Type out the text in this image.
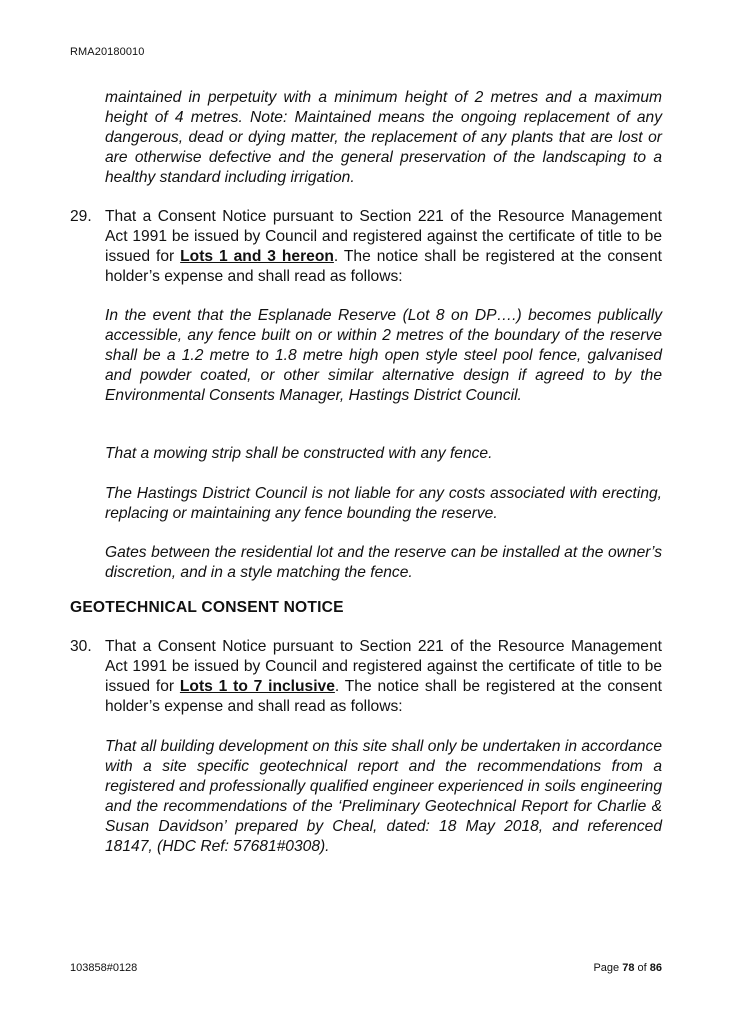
RMA20180010

maintained in perpetuity with a minimum height of 2 metres and a maximum height of 4 metres. Note: Maintained means the ongoing replacement of any dangerous, dead or dying matter, the replacement of any plants that are lost or are otherwise defective and the general preservation of the landscaping to a healthy standard including irrigation.

29. That a Consent Notice pursuant to Section 221 of the Resource Management Act 1991 be issued by Council and registered against the certificate of title to be issued for Lots 1 and 3 hereon. The notice shall be registered at the consent holder’s expense and shall read as follows:

In the event that the Esplanade Reserve (Lot 8 on DP….) becomes publically accessible, any fence built on or within 2 metres of the boundary of the reserve shall be a 1.2 metre to 1.8 metre high open style steel pool fence, galvanised and powder coated, or other similar alternative design if agreed to by the Environmental Consents Manager, Hastings District Council.

That a mowing strip shall be constructed with any fence.

The Hastings District Council is not liable for any costs associated with erecting, replacing or maintaining any fence bounding the reserve.

Gates between the residential lot and the reserve can be installed at the owner’s discretion, and in a style matching the fence.

GEOTECHNICAL CONSENT NOTICE
30. That a Consent Notice pursuant to Section 221 of the Resource Management Act 1991 be issued by Council and registered against the certificate of title to be issued for Lots 1 to 7 inclusive. The notice shall be registered at the consent holder’s expense and shall read as follows:

That all building development on this site shall only be undertaken in accordance with a site specific geotechnical report and the recommendations from a registered and professionally qualified engineer experienced in soils engineering and the recommendations of the ‘Preliminary Geotechnical Report for Charlie & Susan Davidson’ prepared by Cheal, dated: 18 May 2018, and referenced 18147, (HDC Ref: 57681#0308).

103858#0128	Page 78 of 86
